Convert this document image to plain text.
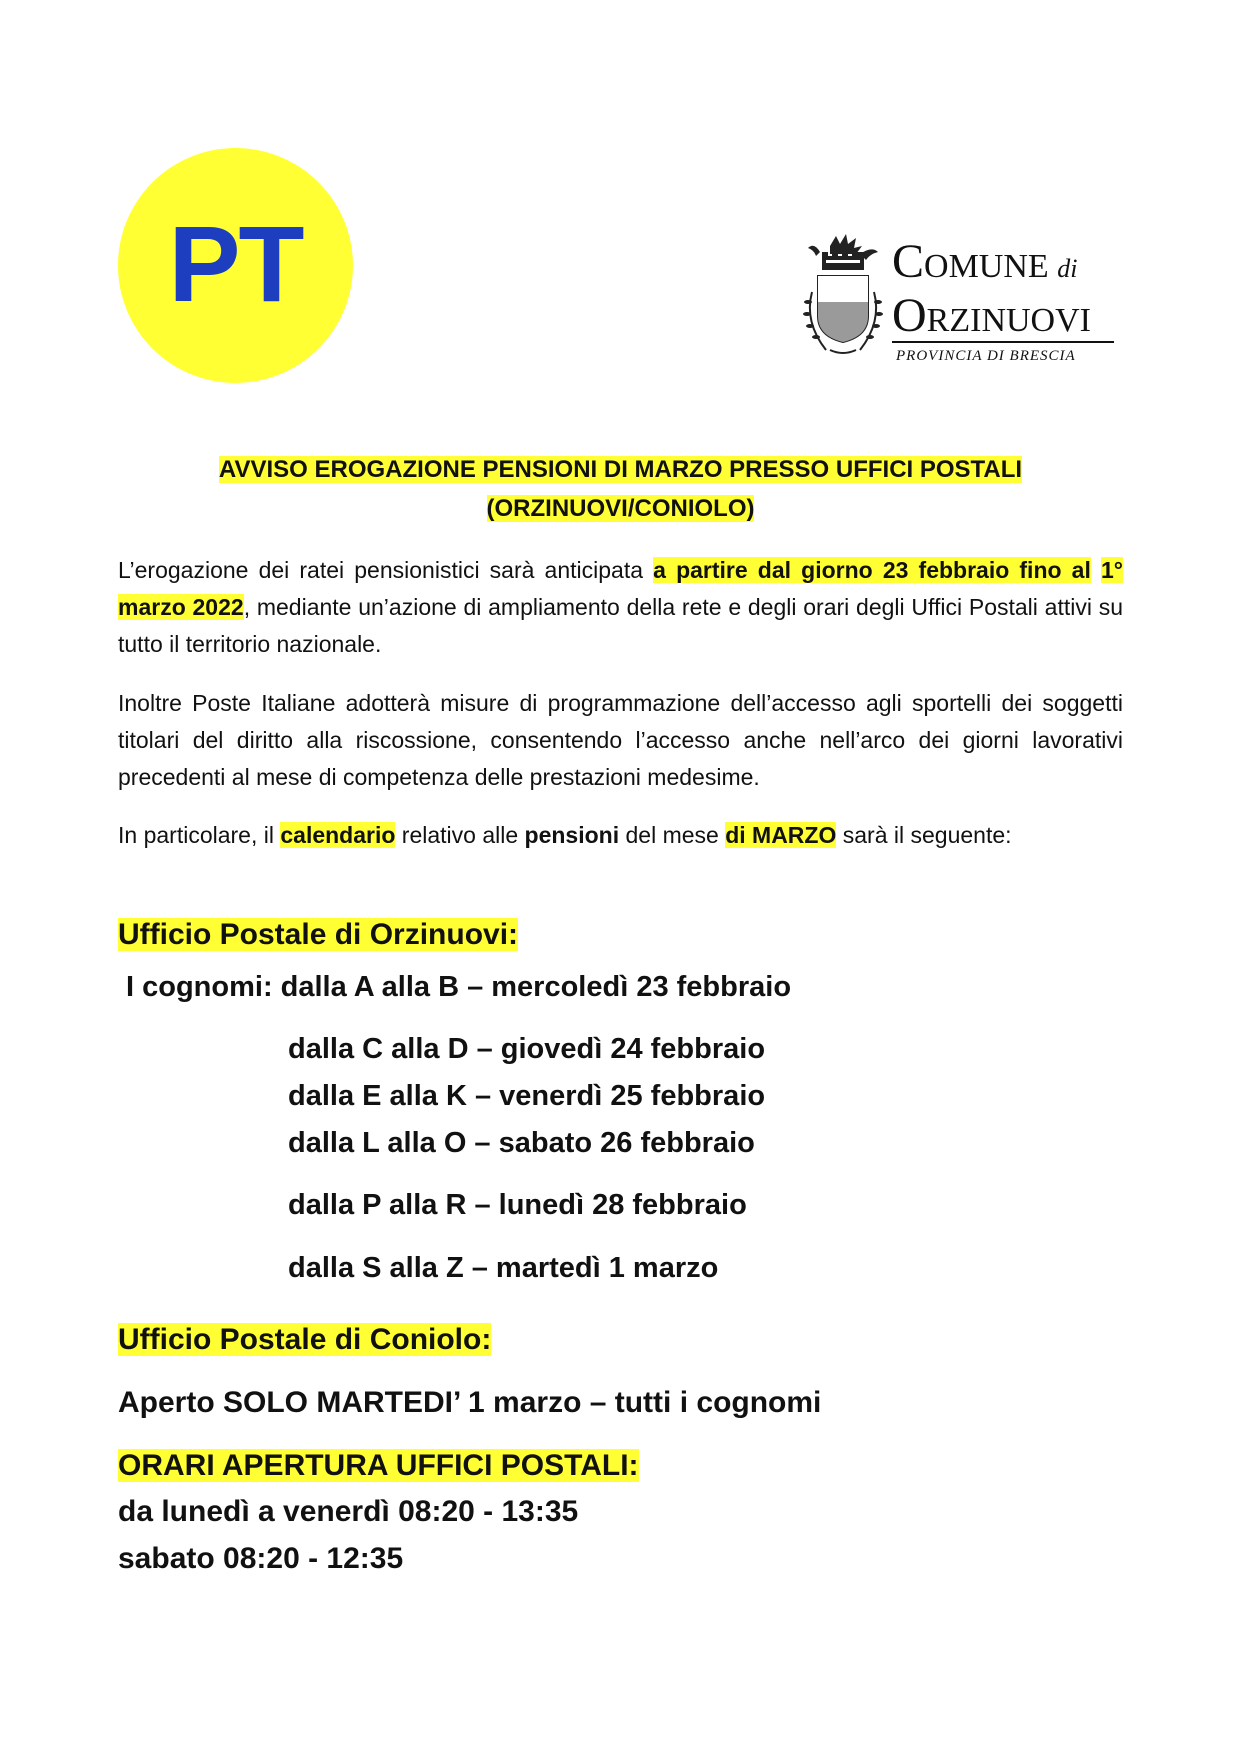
PT	COMUNE di
ORZINUOVI
PROVINCIA DI BRESCIA
AVVISO EROGAZIONE PENSIONI DI MARZO PRESSO UFFICI POSTALI
(ORZINUOVI/CONIOLO)
L’erogazione dei ratei pensionistici sarà anticipata a partire dal giorno 23 febbraio fino al 1° marzo 2022, mediante un’azione di ampliamento della rete e degli orari degli Uffici Postali attivi su tutto il territorio nazionale.
Inoltre Poste Italiane adotterà misure di programmazione dell’accesso agli sportelli dei soggetti titolari del diritto alla riscossione, consentendo l’accesso anche nell’arco dei giorni lavorativi precedenti al mese di competenza delle prestazioni medesime.
In particolare, il calendario relativo alle pensioni del mese di MARZO sarà il seguente:
Ufficio Postale di Orzinuovi:
I cognomi: dalla A alla B – mercoledì 23 febbraio
dalla C alla D – giovedì 24 febbraio
dalla E alla K – venerdì 25 febbraio
dalla L alla O – sabato 26 febbraio
dalla P alla R – lunedì 28 febbraio
dalla S alla Z – martedì 1 marzo
Ufficio Postale di Coniolo:
Aperto SOLO MARTEDI’ 1 marzo – tutti i cognomi
ORARI APERTURA UFFICI POSTALI:
da lunedì a venerdì 08:20 - 13:35
sabato 08:20 - 12:35
